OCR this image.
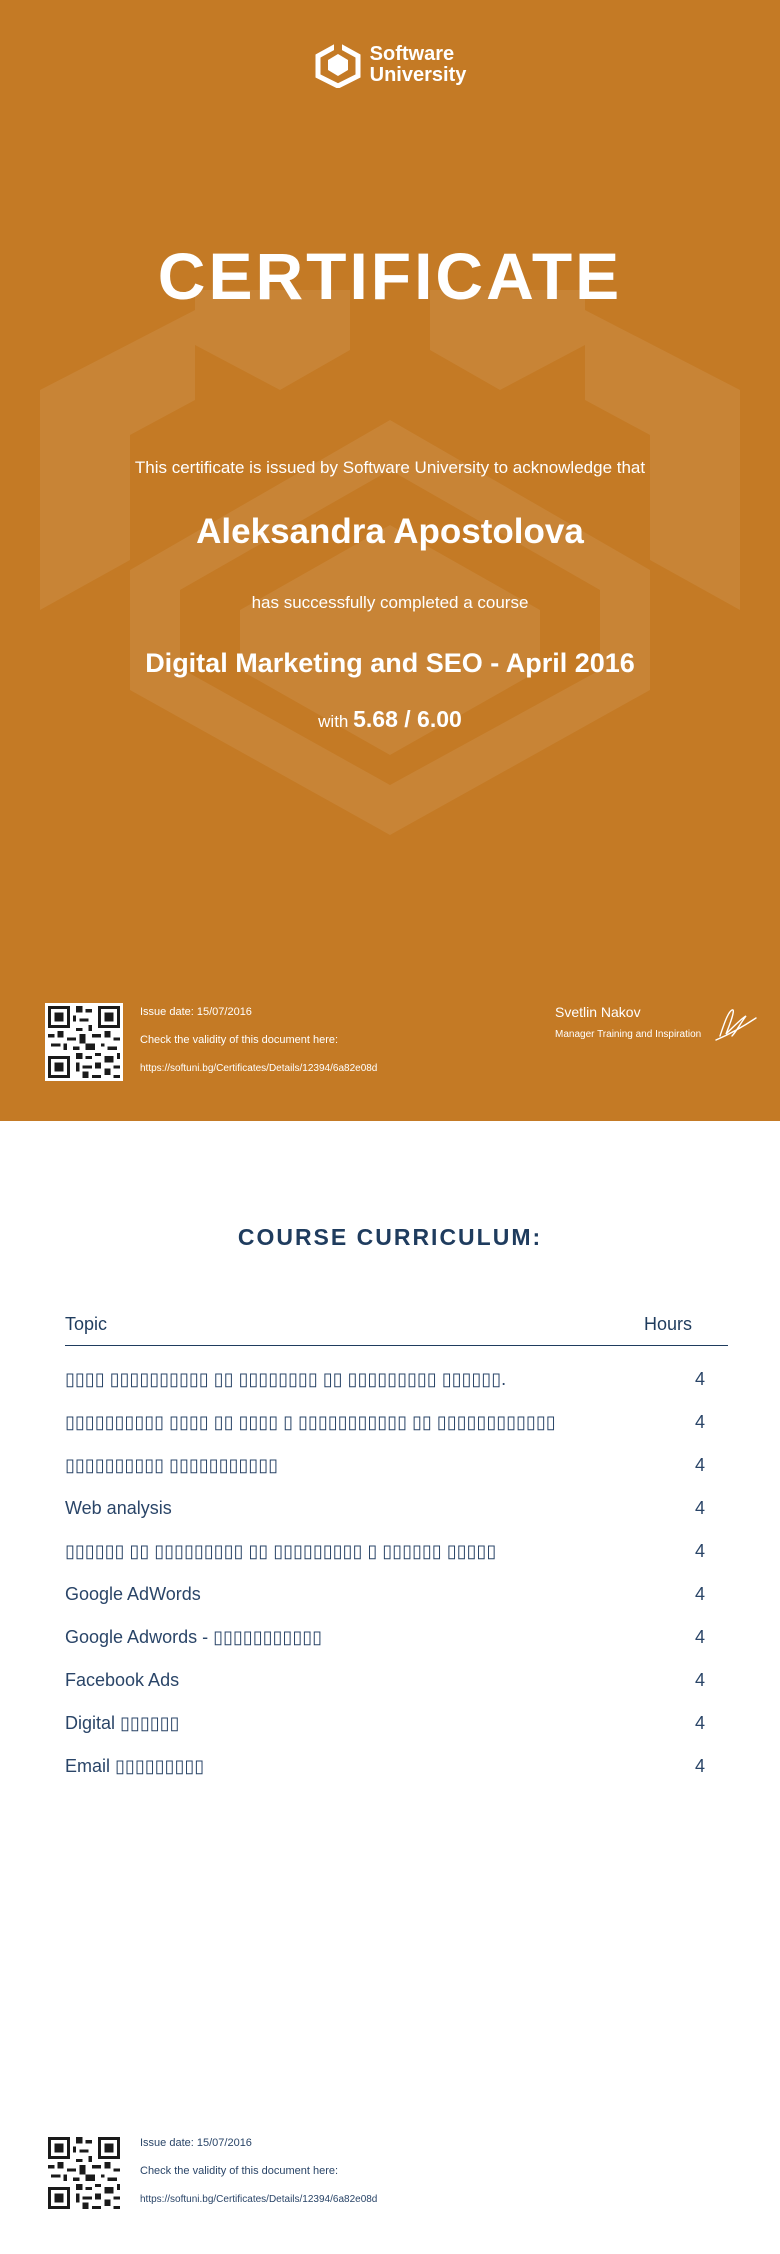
Software
University
CERTIFICATE
This certificate is issued by Software University to acknowledge that
Aleksandra Apostolova
has successfully completed a course
Digital Marketing and SEO - April 2016
with 5.68 / 6.00
Issue date: 15/07/2016
Check the validity of this document here:
https://softuni.bg/Certificates/Details/12394/6a82e08d
Svetlin Nakov
Manager Training and Inspiration
COURSE CURRICULUM:
Topic	Hours
▯▯▯▯ ▯▯▯▯▯▯▯▯▯▯ ▯▯ ▯▯▯▯▯▯▯▯ ▯▯ ▯▯▯▯▯▯▯▯▯ ▯▯▯▯▯▯.	4
▯▯▯▯▯▯▯▯▯▯ ▯▯▯▯ ▯▯ ▯▯▯▯ ▯ ▯▯▯▯▯▯▯▯▯▯▯ ▯▯ ▯▯▯▯▯▯▯▯▯▯▯▯	4
▯▯▯▯▯▯▯▯▯▯ ▯▯▯▯▯▯▯▯▯▯▯	4
Web analysis	4
▯▯▯▯▯▯ ▯▯ ▯▯▯▯▯▯▯▯▯ ▯▯ ▯▯▯▯▯▯▯▯▯ ▯ ▯▯▯▯▯▯ ▯▯▯▯▯	4
Google AdWords	4
Google Adwords - ▯▯▯▯▯▯▯▯▯▯▯	4
Facebook Ads	4
Digital ▯▯▯▯▯▯	4
Email ▯▯▯▯▯▯▯▯▯	4
Issue date: 15/07/2016
Check the validity of this document here:
https://softuni.bg/Certificates/Details/12394/6a82e08d
